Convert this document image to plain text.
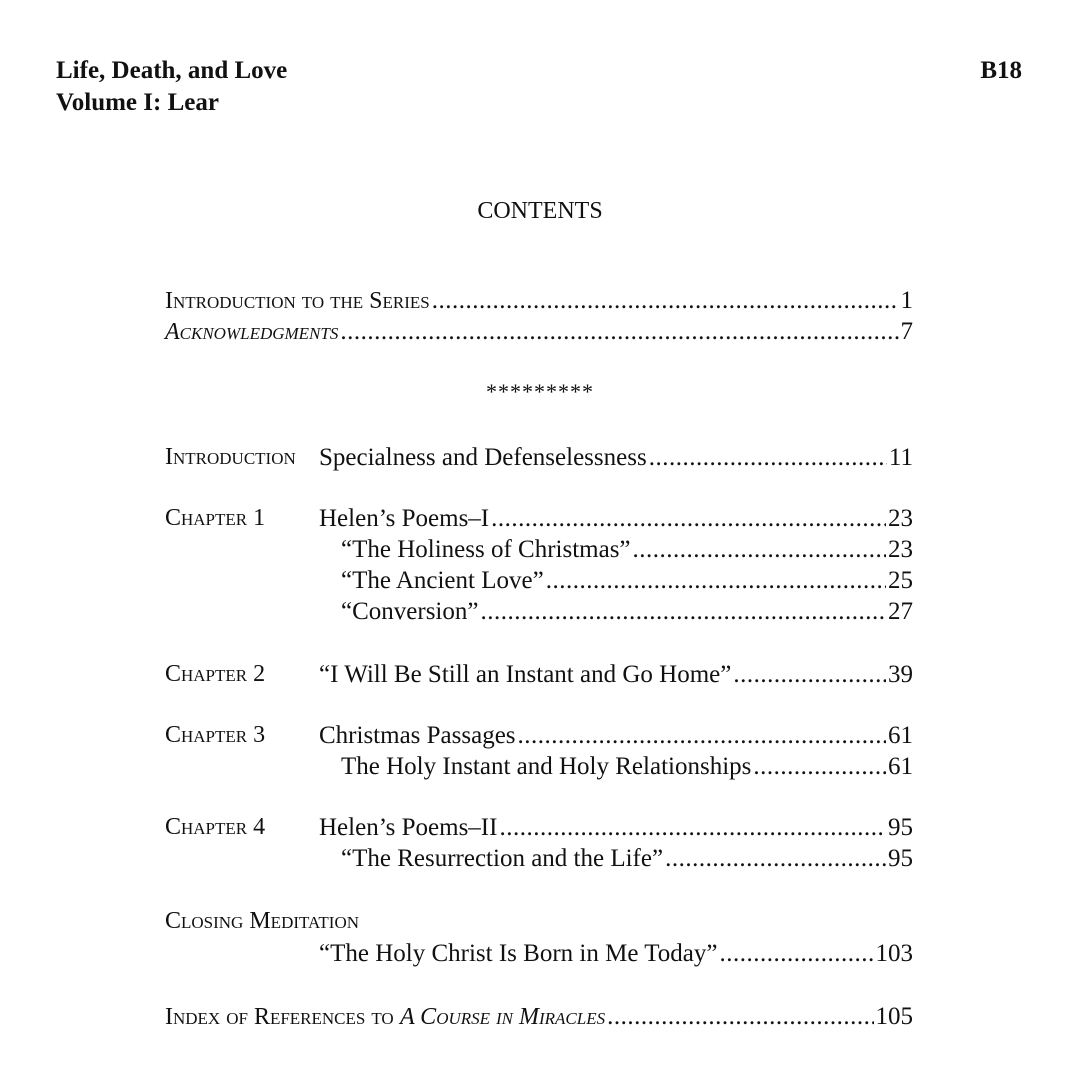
Life, Death, and Love
Volume I: Lear
B18
CONTENTS
Introduction to the Series .....	1
Acknowledgments .....	7
*********
Introduction Specialness and Defenselessness .....	11
Chapter 1 Helen’s Poems–I .....	23
“The Holiness of Christmas” .....	23
“The Ancient Love” .....	25
“Conversion” .....	27
Chapter 2 “I Will Be Still an Instant and Go Home” .....	39
Chapter 3 Christmas Passages .....	61
The Holy Instant and Holy Relationships .....	61
Chapter 4 Helen’s Poems–II .....	95
“The Resurrection and the Life” .....	95
Closing Meditation
“The Holy Christ Is Born in Me Today” .....	103
Index of References to A Course in Miracles .....	105
